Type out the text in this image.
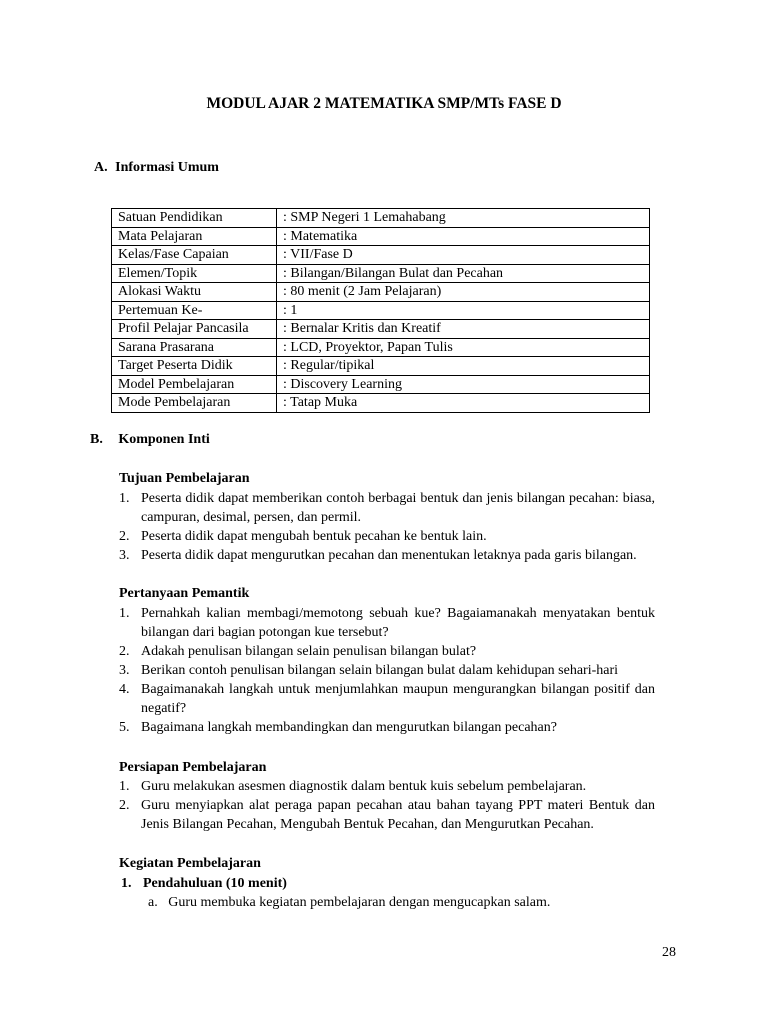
MODUL AJAR 2 MATEMATIKA SMP/MTs FASE D
A. Informasi Umum
Satuan Pendidikan	: SMP Negeri 1 Lemahabang
Mata Pelajaran	: Matematika
Kelas/Fase Capaian	: VII/Fase D
Elemen/Topik	: Bilangan/Bilangan Bulat dan Pecahan
Alokasi Waktu	: 80 menit (2 Jam Pelajaran)
Pertemuan Ke-	: 1
Profil Pelajar Pancasila	: Bernalar Kritis dan Kreatif
Sarana Prasarana	: LCD, Proyektor, Papan Tulis
Target Peserta Didik	: Regular/tipikal
Model Pembelajaran	: Discovery Learning
Mode Pembelajaran	: Tatap Muka
B. Komponen Inti
Tujuan Pembelajaran
1. Peserta didik dapat memberikan contoh berbagai bentuk dan jenis bilangan pecahan: biasa, campuran, desimal, persen, dan permil.
2. Peserta didik dapat mengubah bentuk pecahan ke bentuk lain.
3. Peserta didik dapat mengurutkan pecahan dan menentukan letaknya pada garis bilangan.
Pertanyaan Pemantik
1. Pernahkah kalian membagi/memotong sebuah kue? Bagaiamanakah menyatakan bentuk bilangan dari bagian potongan kue tersebut?
2. Adakah penulisan bilangan selain penulisan bilangan bulat?
3. Berikan contoh penulisan bilangan selain bilangan bulat dalam kehidupan sehari-hari
4. Bagaimanakah langkah untuk menjumlahkan maupun mengurangkan bilangan positif dan negatif?
5. Bagaimana langkah membandingkan dan mengurutkan bilangan pecahan?
Persiapan Pembelajaran
1. Guru melakukan asesmen diagnostik dalam bentuk kuis sebelum pembelajaran.
2. Guru menyiapkan alat peraga papan pecahan atau bahan tayang PPT materi Bentuk dan Jenis Bilangan Pecahan, Mengubah Bentuk Pecahan, dan Mengurutkan Pecahan.
Kegiatan Pembelajaran
1. Pendahuluan (10 menit)
a. Guru membuka kegiatan pembelajaran dengan mengucapkan salam.
28
